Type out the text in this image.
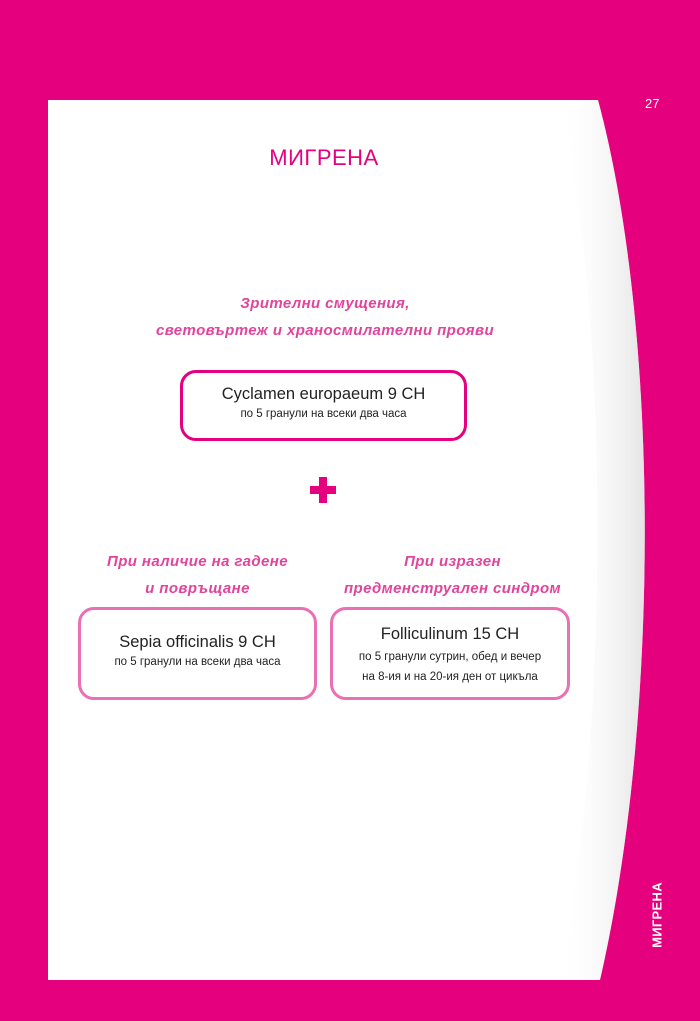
27
МИГРЕНА
Зрителни смущения,
световъртеж и храносмилателни прояви
Cyclamen europaeum 9 CH
по 5 гранули на всеки два часа
При наличие на гадене
и повръщане
При изразен
предменструален синдром
Sepia officinalis 9 CH
по 5 гранули на всеки два часа
Folliculinum 15 CH
по 5 гранули сутрин, обед и вечер
на 8-ия и на 20-ия ден от цикъла
МИГРЕНА
